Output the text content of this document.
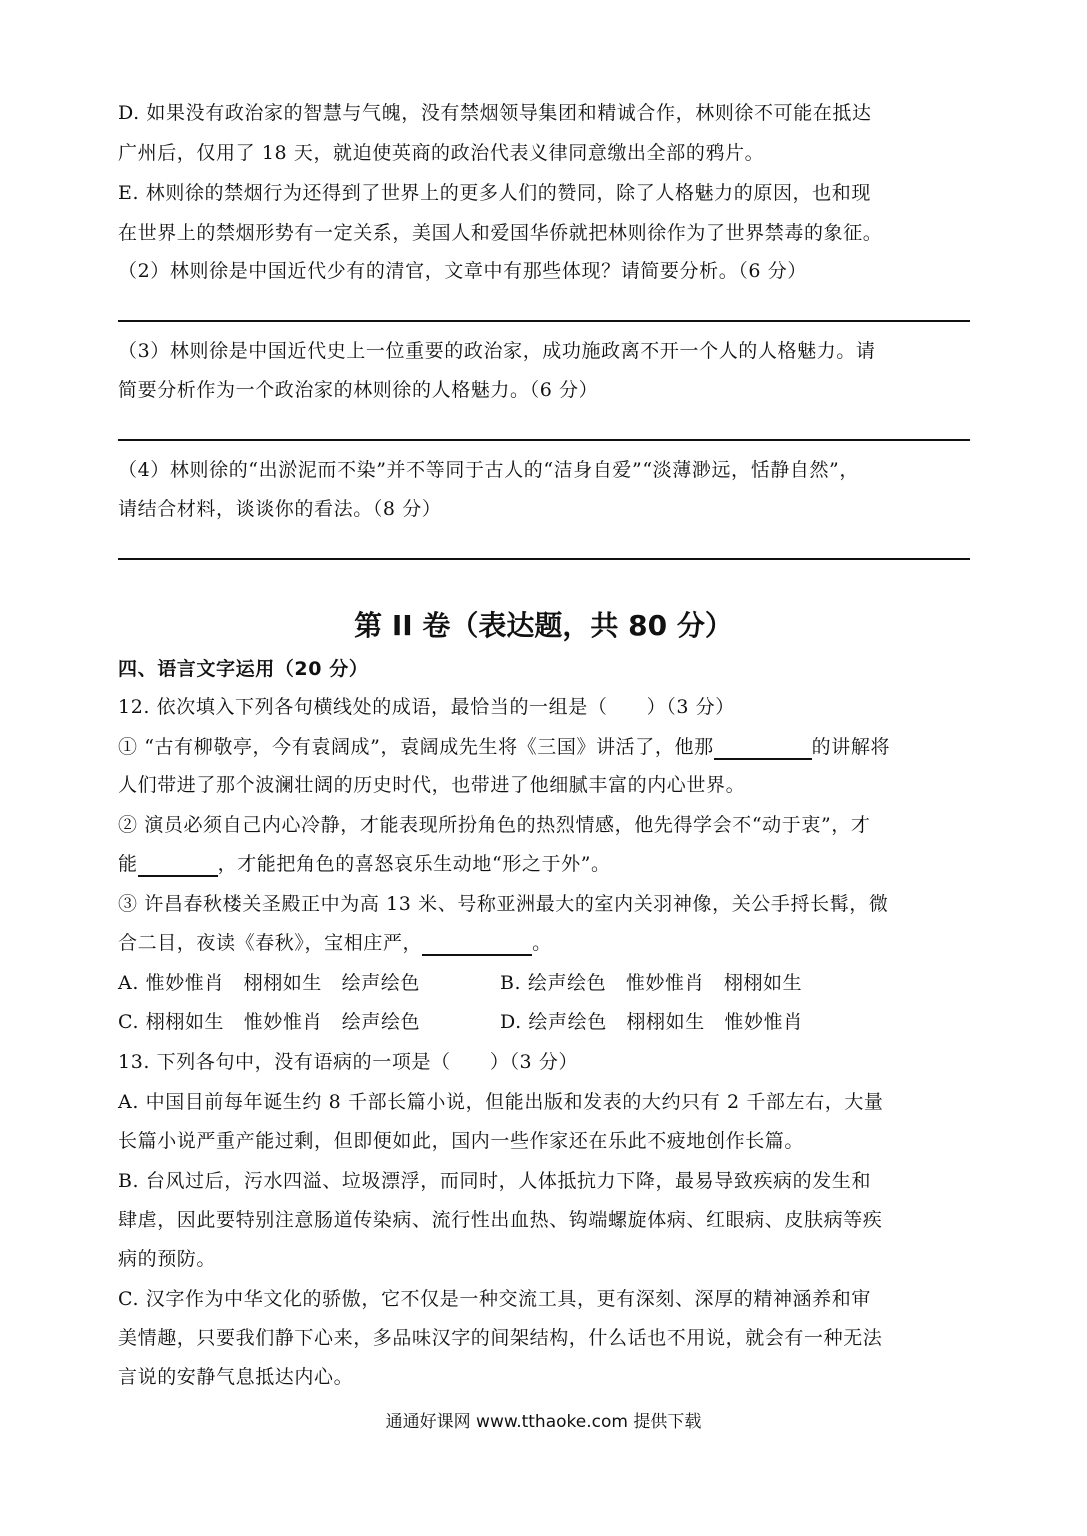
D. 如果没有政治家的智慧与气魄，没有禁烟领导集团和精诚合作，林则徐不可能在抵达
广州后，仅用了 18 天，就迫使英商的政治代表义律同意缴出全部的鸦片。
E. 林则徐的禁烟行为还得到了世界上的更多人们的赞同，除了人格魅力的原因，也和现
在世界上的禁烟形势有一定关系，美国人和爱国华侨就把林则徐作为了世界禁毒的象征。
（2）林则徐是中国近代少有的清官，文章中有那些体现？请简要分析。（6 分）
（3）林则徐是中国近代史上一位重要的政治家，成功施政离不开一个人的人格魅力。请
简要分析作为一个政治家的林则徐的人格魅力。（6 分）
（4）林则徐的“出淤泥而不染”并不等同于古人的“洁身自爱”“淡薄渺远，恬静自然”，
请结合材料，谈谈你的看法。（8 分）
第 II 卷（表达题，共 80 分）
四、语言文字运用（20 分）
12. 依次填入下列各句横线处的成语，最恰当的一组是（　　）（3 分）
① “古有柳敬亭，今有袁阔成”，袁阔成先生将《三国》讲活了，他那	的讲解将
人们带进了那个波澜壮阔的历史时代，也带进了他细腻丰富的内心世界。
② 演员必须自己内心冷静，才能表现所扮角色的热烈情感，他先得学会不“动于衷”，才
能	，才能把角色的喜怒哀乐生动地“形之于外”。
③ 许昌春秋楼关圣殿正中为高 13 米、号称亚洲最大的室内关羽神像，关公手捋长髯，微
合二目，夜读《春秋》，宝相庄严，	。
A. 惟妙惟肖　栩栩如生　绘声绘色	B. 绘声绘色　惟妙惟肖　栩栩如生
C. 栩栩如生　惟妙惟肖　绘声绘色	D. 绘声绘色　栩栩如生　惟妙惟肖
13. 下列各句中，没有语病的一项是（　　）（3 分）
A. 中国目前每年诞生约 8 千部长篇小说，但能出版和发表的大约只有 2 千部左右，大量
长篇小说严重产能过剩，但即便如此，国内一些作家还在乐此不疲地创作长篇。
B. 台风过后，污水四溢、垃圾漂浮，而同时，人体抵抗力下降，最易导致疾病的发生和
肆虐，因此要特别注意肠道传染病、流行性出血热、钩端螺旋体病、红眼病、皮肤病等疾
病的预防。
C. 汉字作为中华文化的骄傲，它不仅是一种交流工具，更有深刻、深厚的精神涵养和审
美情趣，只要我们静下心来，多品味汉字的间架结构，什么话也不用说，就会有一种无法
言说的安静气息抵达内心。
通通好课网 www.tthaoke.com 提供下载
